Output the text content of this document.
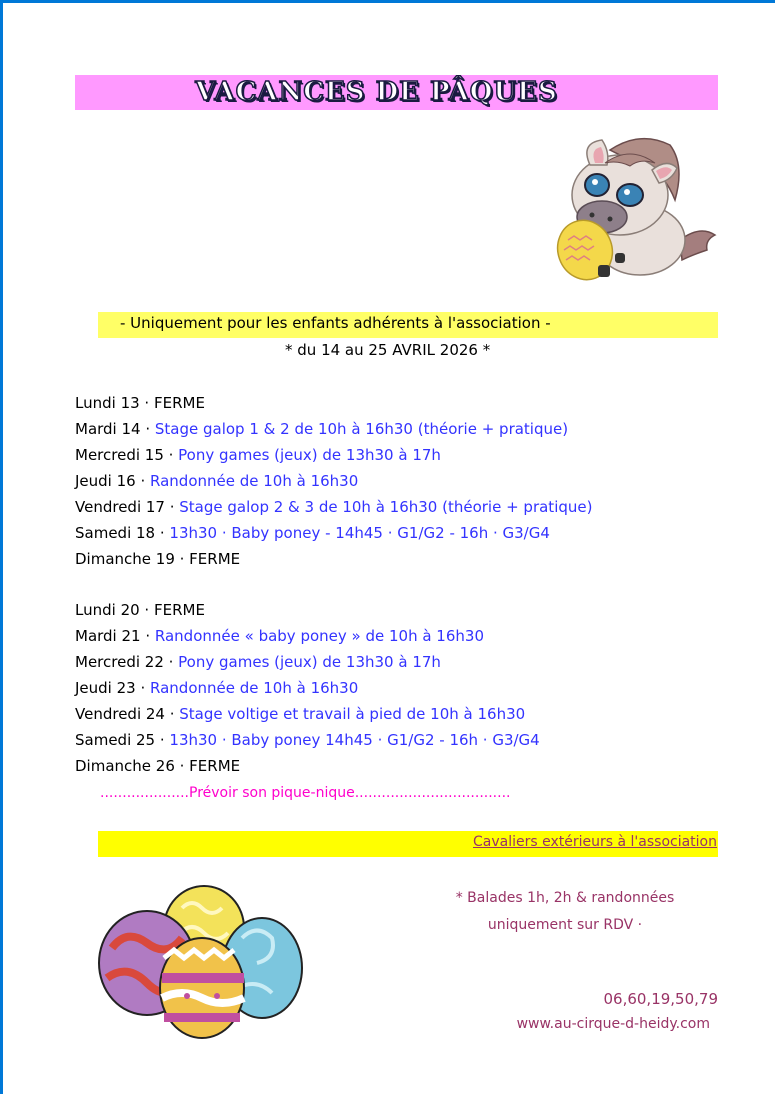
VACANCES DE PÂQUES
- Uniquement pour les enfants adhérents à l'association -
* du 14 au 25 AVRIL 2026 *
Lundi 13 · FERME
Mardi 14 · Stage galop 1 & 2 de 10h à 16h30 (théorie + pratique)
Mercredi 15 · Pony games (jeux) de 13h30 à 17h
Jeudi 16 · Randonnée de 10h à 16h30
Vendredi 17 · Stage galop 2 & 3 de 10h à 16h30 (théorie + pratique)
Samedi 18 · 13h30 · Baby poney - 14h45 · G1/G2 - 16h · G3/G4
Dimanche 19 · FERME
Lundi 20 · FERME
Mardi 21 · Randonnée « baby poney » de 10h à 16h30
Mercredi 22 · Pony games (jeux) de 13h30 à 17h
Jeudi 23 · Randonnée de 10h à 16h30
Vendredi 24 · Stage voltige et travail à pied de 10h à 16h30
Samedi 25 · 13h30 · Baby poney 14h45 · G1/G2 - 16h · G3/G4
Dimanche 26 · FERME
....................Prévoir son pique-nique...................................
Cavaliers extérieurs à l'association
* Balades 1h, 2h & randonnées
uniquement sur RDV ·
06,60,19,50,79
www.au-cirque-d-heidy.com
